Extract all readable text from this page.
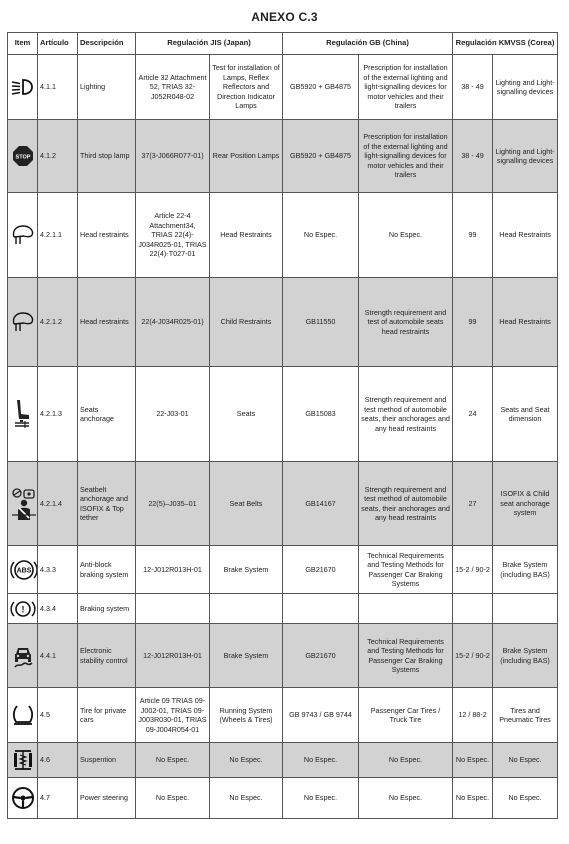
ANEXO C.3
Item	Artículo	Descripción	Regulación JIS (Japan)		Regulación GB (China)		Regulación KMVSS (Corea)	

	4.1.1	Lighting	Article 32 Attachment 52, TRIAS 32-J052R048-02	Test for installation of Lamps, Reflex Reflectors and Direction Indicator Lamps	GB5920 + GB4875	Prescription for installation of the external lighting and light-signalling devices for motor vehicles and their trailers	38 - 49	Lighting and Light-signalling devices

STOP	4.1.2	Third stop lamp	37(3-J066R077-01)	Rear Position Lamps	GB5920 + GB4875	Prescription for installation of the external lighting and light-signalling devices for motor vehicles and their trailers	38 - 49	Lighting and Light-signalling devices

	4.2.1.1	Head restraints	Article 22-4 Attachment34, TRIAS 22(4)-J034R025-01, TRIAS 22(4)-T027-01	Head Restraints	No Espec.	No Espec.	99	Head Restraints

	4.2.1.2	Head restraints	22(4-J034R025-01)	Child Restraints	GB11550	Strength requirement and test of automobile seats head restraints	99	Head Restraints

	4.2.1.3	Seats anchorage	22-J03-01	Seats	GB15083	Strength requirement and test method of automobile seats, their anchorages and any head restraints	24	Seats and Seat dimension

	4.2.1.4	Seatbelt anchorage and ISOFIX & Top tether	22(5)–J035–01	Seat Belts	GB14167	Strength requirement and test method of automobile seats, their anchorages and any head restraints	27	ISOFIX & Child seat anchorage system

ABS	4.3.3	Anti-block braking system	12-J012R013H-01	Brake System	GB21670	Technical Requirements and Testing Methods for Passenger Car Braking Systems	15-2 / 90-2	Brake System (including BAS)

!	4.3.4	Braking system						

	4.4.1	Electronic stability control	12-J012R013H-01	Brake System	GB21670	Technical Requirements and Testing Methods for Passenger Car Braking Systems	15-2 / 90-2	Brake System (including BAS)

	4.5	Tire for private cars	Article 09 TRIAS 09-J002-01, TRIAS 09-J003R030-01, TRIAS 09-J004R054-01	Running System (Wheels & Tires)	GB 9743 / GB 9744	Passenger Car Tires / Truck Tire	12 / 88-2	Tires and Pneumatic Tires

	4.6	Suspention	No Espec.	No Espec.	No Espec.	No Espec.	No Espec.	No Espec.

	4.7	Power steering	No Espec.	No Espec.	No Espec.	No Espec.	No Espec.	No Espec.
